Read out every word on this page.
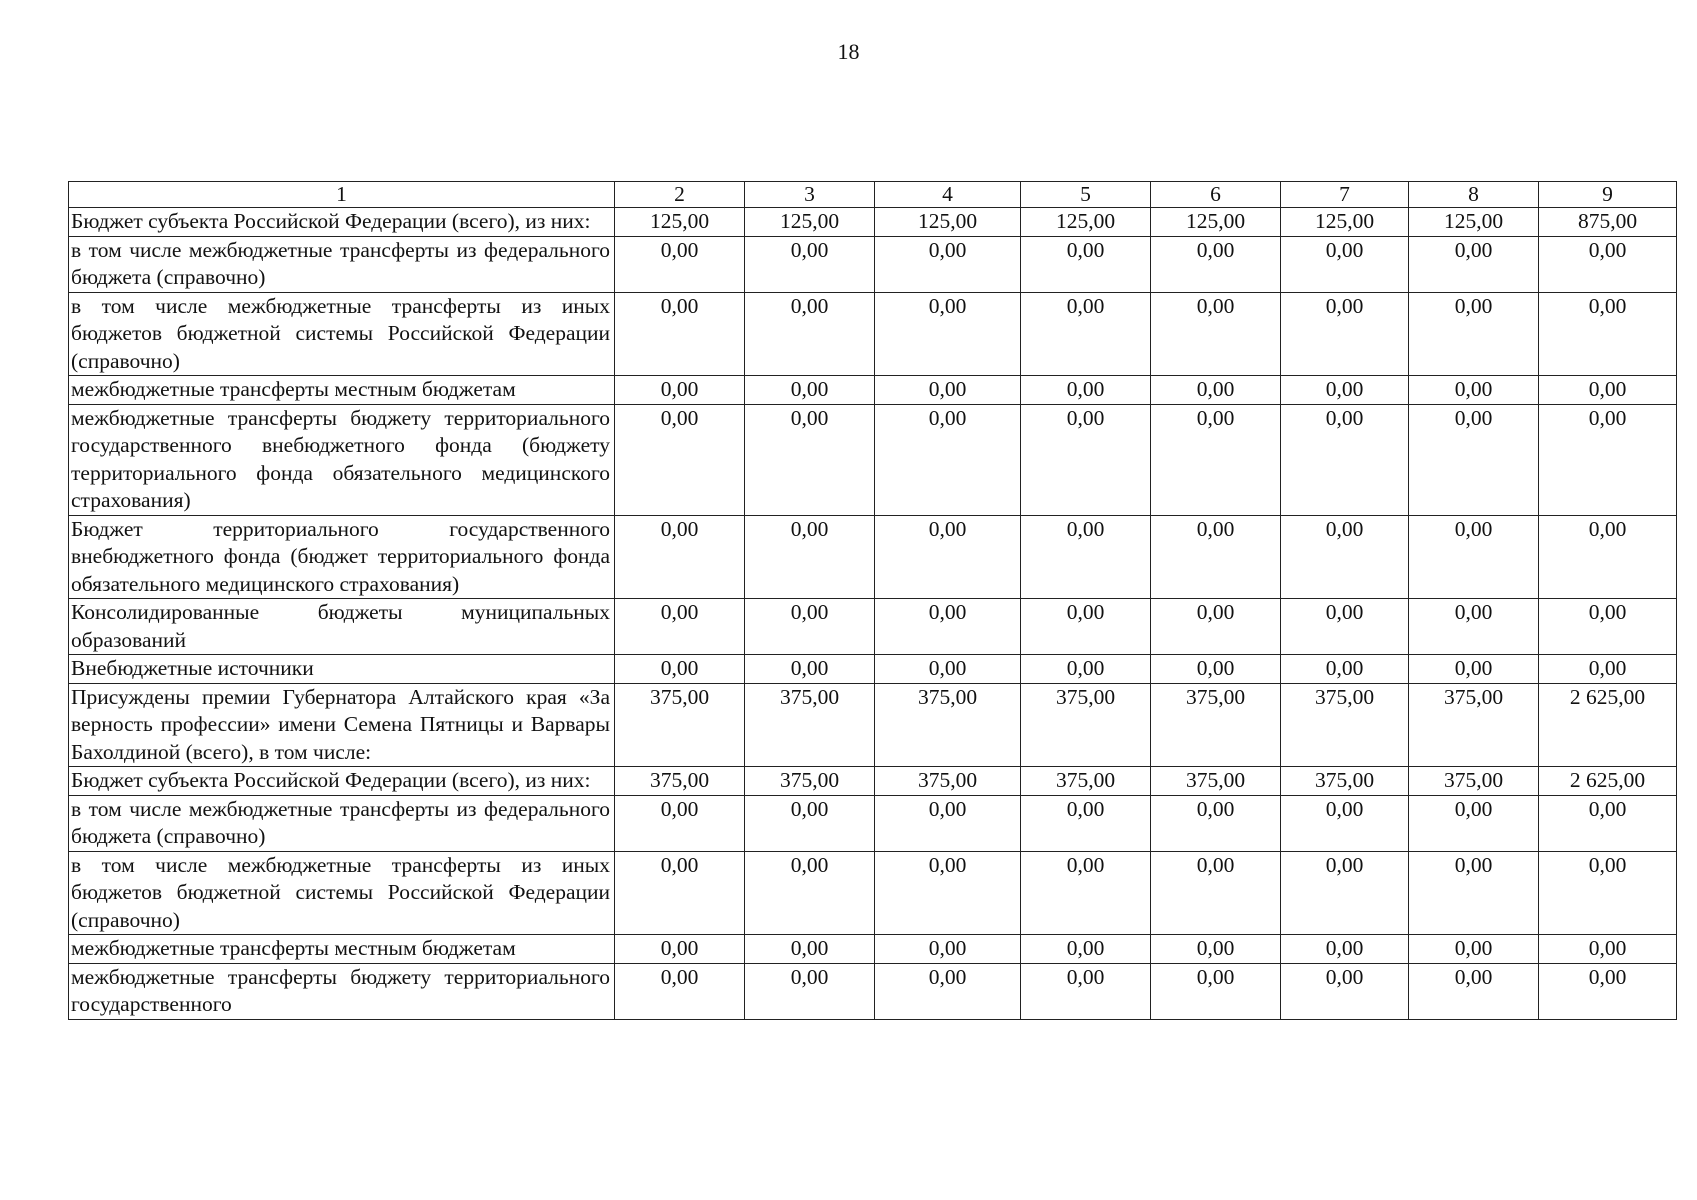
18
1	2	3	4	5	6	7	8	9
Бюджет субъекта Российской Федерации (всего), из них:	125,00	125,00	125,00	125,00	125,00	125,00	125,00	875,00
в том числе межбюджетные трансферты из федерального бюджета (справочно)	0,00	0,00	0,00	0,00	0,00	0,00	0,00	0,00
в том числе межбюджетные трансферты из иных бюджетов бюджетной системы Российской Федерации (справочно)	0,00	0,00	0,00	0,00	0,00	0,00	0,00	0,00
межбюджетные трансферты местным бюджетам	0,00	0,00	0,00	0,00	0,00	0,00	0,00	0,00
межбюджетные трансферты бюджету территориального государственного внебюджетного фонда (бюджету территориального фонда обязательного медицинского страхования)	0,00	0,00	0,00	0,00	0,00	0,00	0,00	0,00
Бюджет территориального государственного внебюджетного фонда (бюджет территориального фонда обязательного медицинского страхования)	0,00	0,00	0,00	0,00	0,00	0,00	0,00	0,00
Консолидированные бюджеты муниципальных образований	0,00	0,00	0,00	0,00	0,00	0,00	0,00	0,00
Внебюджетные источники	0,00	0,00	0,00	0,00	0,00	0,00	0,00	0,00
Присуждены премии Губернатора Алтайского края «За верность профессии» имени Семена Пятницы и Варвары Бахолдиной (всего), в том числе:	375,00	375,00	375,00	375,00	375,00	375,00	375,00	2 625,00
Бюджет субъекта Российской Федерации (всего), из них:	375,00	375,00	375,00	375,00	375,00	375,00	375,00	2 625,00
в том числе межбюджетные трансферты из федерального бюджета (справочно)	0,00	0,00	0,00	0,00	0,00	0,00	0,00	0,00
в том числе межбюджетные трансферты из иных бюджетов бюджетной системы Российской Федерации (справочно)	0,00	0,00	0,00	0,00	0,00	0,00	0,00	0,00
межбюджетные трансферты местным бюджетам	0,00	0,00	0,00	0,00	0,00	0,00	0,00	0,00
межбюджетные трансферты бюджету территориального государственного	0,00	0,00	0,00	0,00	0,00	0,00	0,00	0,00
